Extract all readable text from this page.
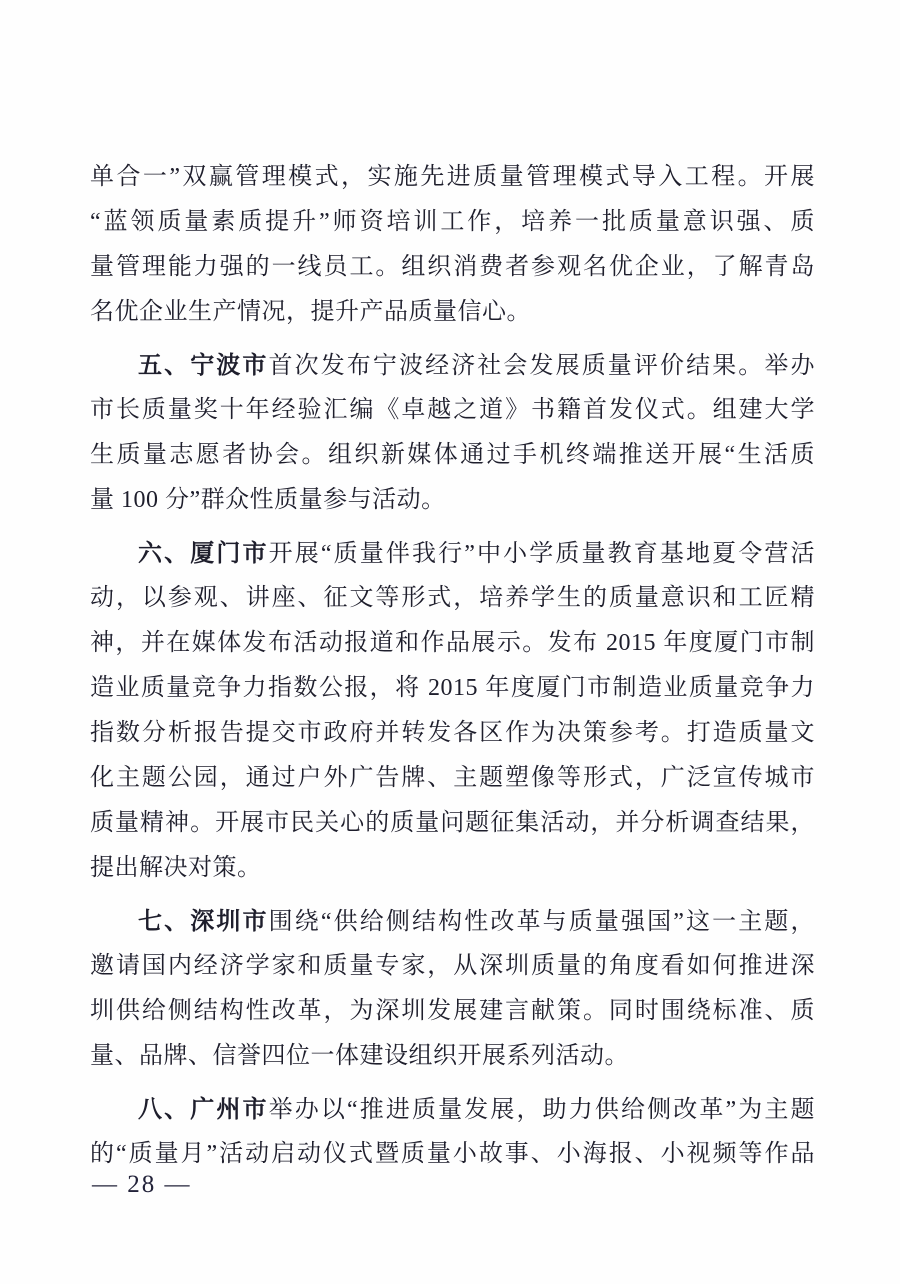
单合一”双赢管理模式，实施先进质量管理模式导入工程。开展
“蓝领质量素质提升”师资培训工作，培养一批质量意识强、质
量管理能力强的一线员工。组织消费者参观名优企业，了解青岛
名优企业生产情况，提升产品质量信心。
五、宁波市首次发布宁波经济社会发展质量评价结果。举办
市长质量奖十年经验汇编《卓越之道》书籍首发仪式。组建大学
生质量志愿者协会。组织新媒体通过手机终端推送开展“生活质
量 100 分”群众性质量参与活动。
六、厦门市开展“质量伴我行”中小学质量教育基地夏令营活
动，以参观、讲座、征文等形式，培养学生的质量意识和工匠精
神，并在媒体发布活动报道和作品展示。发布 2015 年度厦门市制
造业质量竞争力指数公报，将 2015 年度厦门市制造业质量竞争力
指数分析报告提交市政府并转发各区作为决策参考。打造质量文
化主题公园，通过户外广告牌、主题塑像等形式，广泛宣传城市
质量精神。开展市民关心的质量问题征集活动，并分析调查结果，
提出解决对策。
七、深圳市围绕“供给侧结构性改革与质量强国”这一主题，
邀请国内经济学家和质量专家，从深圳质量的角度看如何推进深
圳供给侧结构性改革，为深圳发展建言献策。同时围绕标准、质
量、品牌、信誉四位一体建设组织开展系列活动。
八、广州市举办以“推进质量发展，助力供给侧改革”为主题
的“质量月”活动启动仪式暨质量小故事、小海报、小视频等作品
— 28 —
